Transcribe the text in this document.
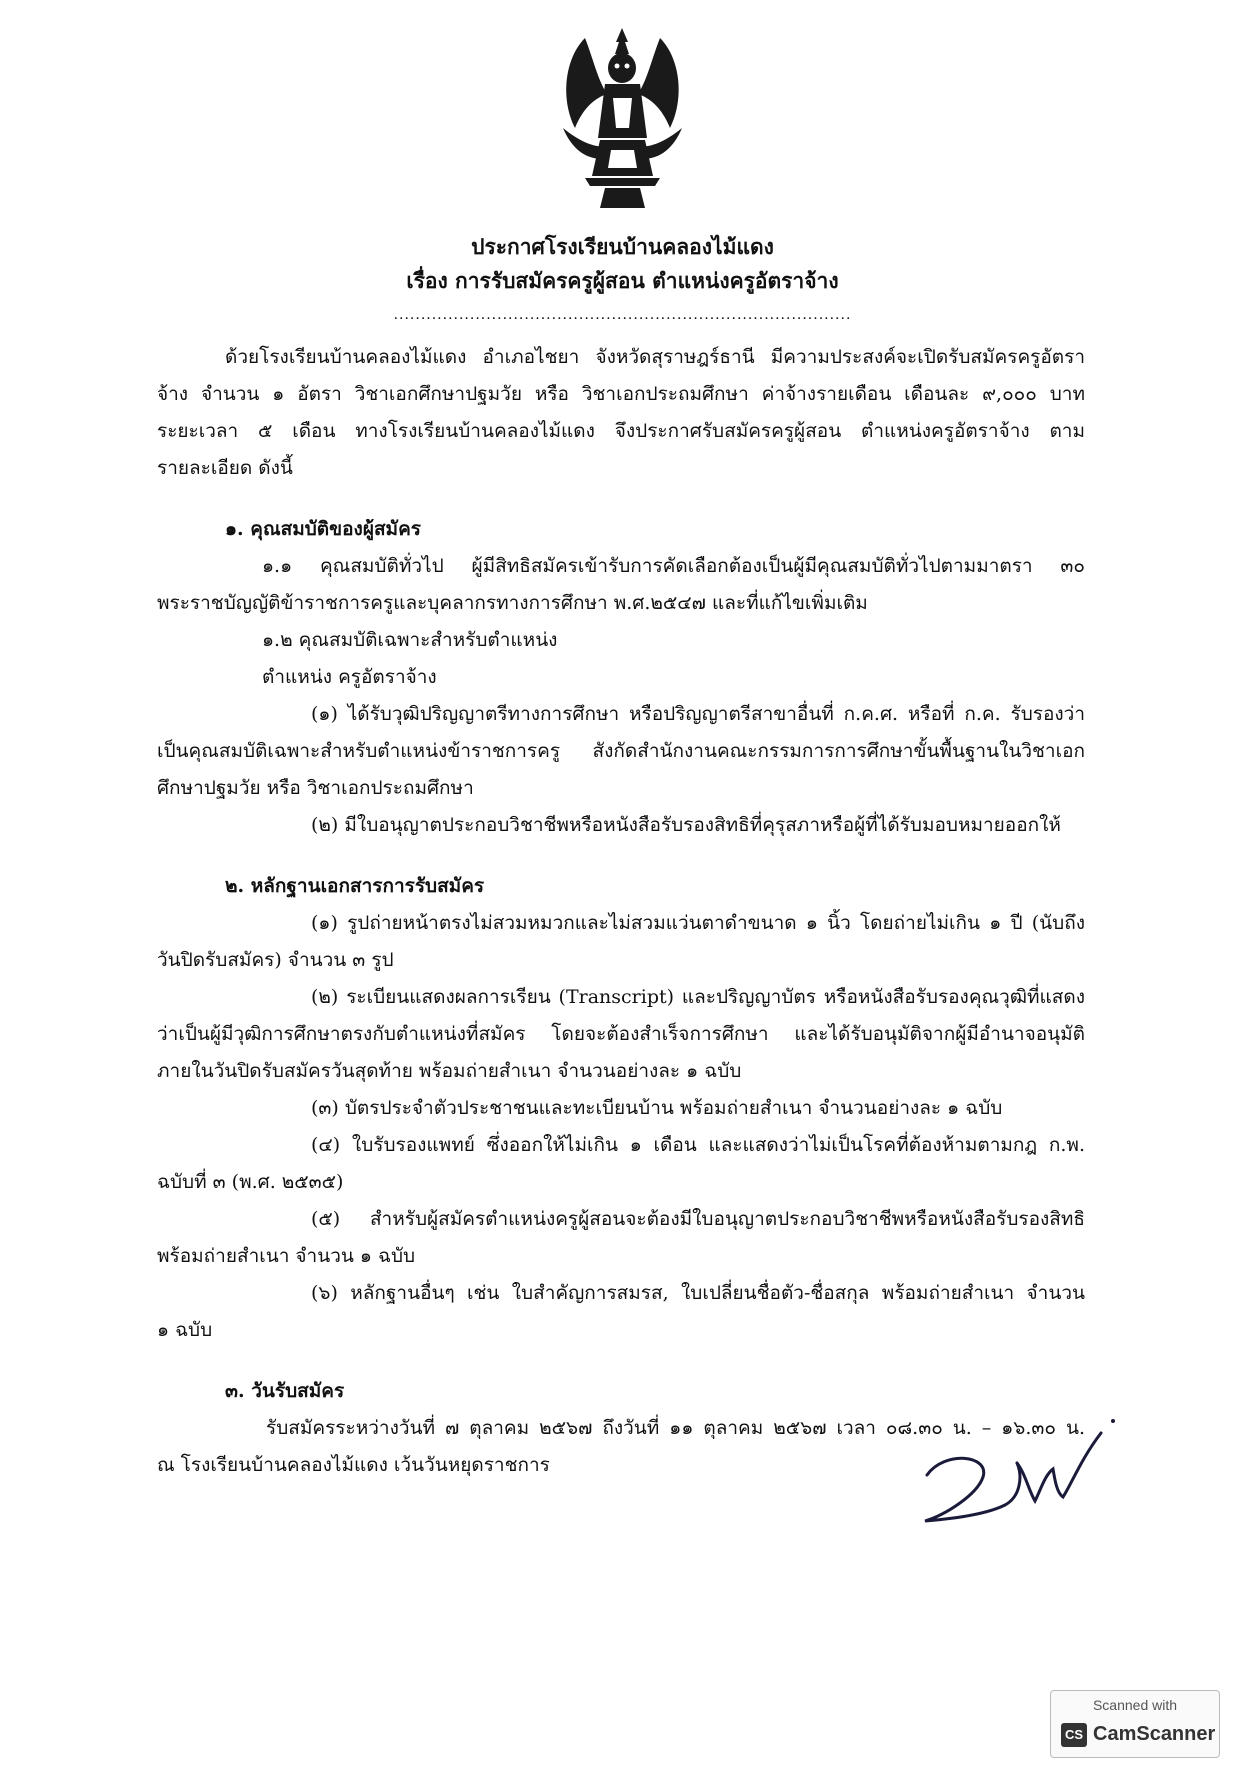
ประกาศโรงเรียนบ้านคลองไม้แดง
เรื่อง การรับสมัครครูผู้สอน ตำแหน่งครูอัตราจ้าง
....................................................................................
ด้วยโรงเรียนบ้านคลองไม้แดง อำเภอไชยา จังหวัดสุราษฎร์ธานี มีความประสงค์จะเปิดรับสมัครครูอัตรา
จ้าง จำนวน ๑ อัตรา วิชาเอกศึกษาปฐมวัย หรือ วิชาเอกประถมศึกษา ค่าจ้างรายเดือน เดือนละ ๙,๐๐๐ บาท
ระยะเวลา ๕ เดือน ทางโรงเรียนบ้านคลองไม้แดง จึงประกาศรับสมัครครูผู้สอน ตำแหน่งครูอัตราจ้าง ตาม
รายละเอียด ดังนี้
๑. คุณสมบัติของผู้สมัคร
๑.๑ คุณสมบัติทั่วไป ผู้มีสิทธิสมัครเข้ารับการคัดเลือกต้องเป็นผู้มีคุณสมบัติทั่วไปตามมาตรา ๓๐
พระราชบัญญัติข้าราชการครูและบุคลากรทางการศึกษา พ.ศ.๒๕๔๗ และที่แก้ไขเพิ่มเติม
๑.๒ คุณสมบัติเฉพาะสำหรับตำแหน่ง
ตำแหน่ง ครูอัตราจ้าง
(๑) ได้รับวุฒิปริญญาตรีทางการศึกษา หรือปริญญาตรีสาขาอื่นที่ ก.ค.ศ. หรือที่ ก.ค. รับรองว่า
เป็นคุณสมบัติเฉพาะสำหรับตำแหน่งข้าราชการครู สังกัดสำนักงานคณะกรรมการการศึกษาขั้นพื้นฐานในวิชาเอก
ศึกษาปฐมวัย หรือ วิชาเอกประถมศึกษา
(๒) มีใบอนุญาตประกอบวิชาชีพหรือหนังสือรับรองสิทธิที่คุรุสภาหรือผู้ที่ได้รับมอบหมายออกให้
๒. หลักฐานเอกสารการรับสมัคร
(๑) รูปถ่ายหน้าตรงไม่สวมหมวกและไม่สวมแว่นตาดำขนาด ๑ นิ้ว โดยถ่ายไม่เกิน ๑ ปี (นับถึง
วันปิดรับสมัคร) จำนวน ๓ รูป
(๒) ระเบียนแสดงผลการเรียน (Transcript) และปริญญาบัตร หรือหนังสือรับรองคุณวุฒิที่แสดง
ว่าเป็นผู้มีวุฒิการศึกษาตรงกับตำแหน่งที่สมัคร โดยจะต้องสำเร็จการศึกษา และได้รับอนุมัติจากผู้มีอำนาจอนุมัติ
ภายในวันปิดรับสมัครวันสุดท้าย พร้อมถ่ายสำเนา จำนวนอย่างละ ๑ ฉบับ
(๓) บัตรประจำตัวประชาชนและทะเบียนบ้าน พร้อมถ่ายสำเนา จำนวนอย่างละ ๑ ฉบับ
(๔) ใบรับรองแพทย์ ซึ่งออกให้ไม่เกิน ๑ เดือน และแสดงว่าไม่เป็นโรคที่ต้องห้ามตามกฎ ก.พ.
ฉบับที่ ๓ (พ.ศ. ๒๕๓๕)
(๕) สำหรับผู้สมัครตำแหน่งครูผู้สอนจะต้องมีใบอนุญาตประกอบวิชาชีพหรือหนังสือรับรองสิทธิ
พร้อมถ่ายสำเนา จำนวน ๑ ฉบับ
(๖) หลักฐานอื่นๆ เช่น ใบสำคัญการสมรส, ใบเปลี่ยนชื่อตัว-ชื่อสกุล พร้อมถ่ายสำเนา จำนวน
๑ ฉบับ
๓. วันรับสมัคร
รับสมัครระหว่างวันที่ ๗ ตุลาคม ๒๕๖๗ ถึงวันที่ ๑๑ ตุลาคม ๒๕๖๗ เวลา ๐๘.๓๐ น. – ๑๖.๓๐ น.
ณ โรงเรียนบ้านคลองไม้แดง เว้นวันหยุดราชการ
Scanned with
CS CamScanner
